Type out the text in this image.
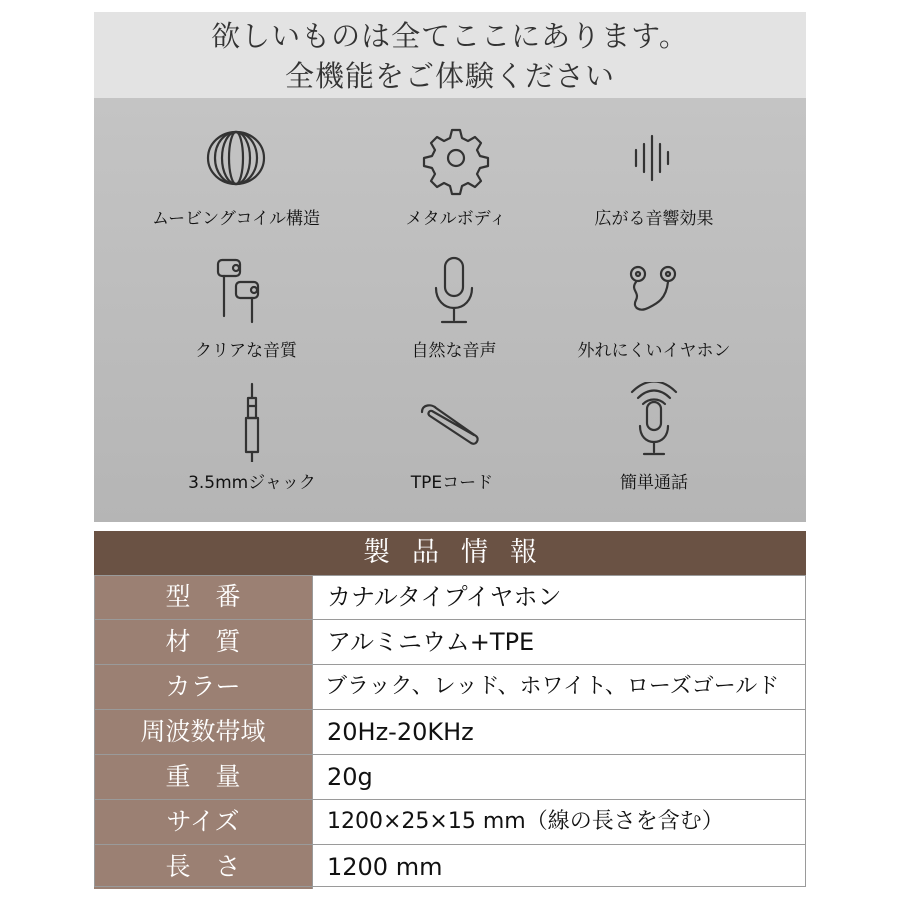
欲しいものは全てここにあります。
全機能をご体験ください
ムービングコイル構造	メタルボディ	広がる音響効果
クリアな音質	自然な音声	外れにくいイヤホン
3.5mmジャック	TPEコード	簡単通話
製品情報
型　番	カナルタイプイヤホン
材　質	アルミニウム+TPE
カラー	ブラック、レッド、ホワイト、ローズゴールド
周波数帯域	20Hz-20KHz
重　量	20g
サイズ	1200×25×15 mm（線の長さを含む）
長　さ	1200 mm
